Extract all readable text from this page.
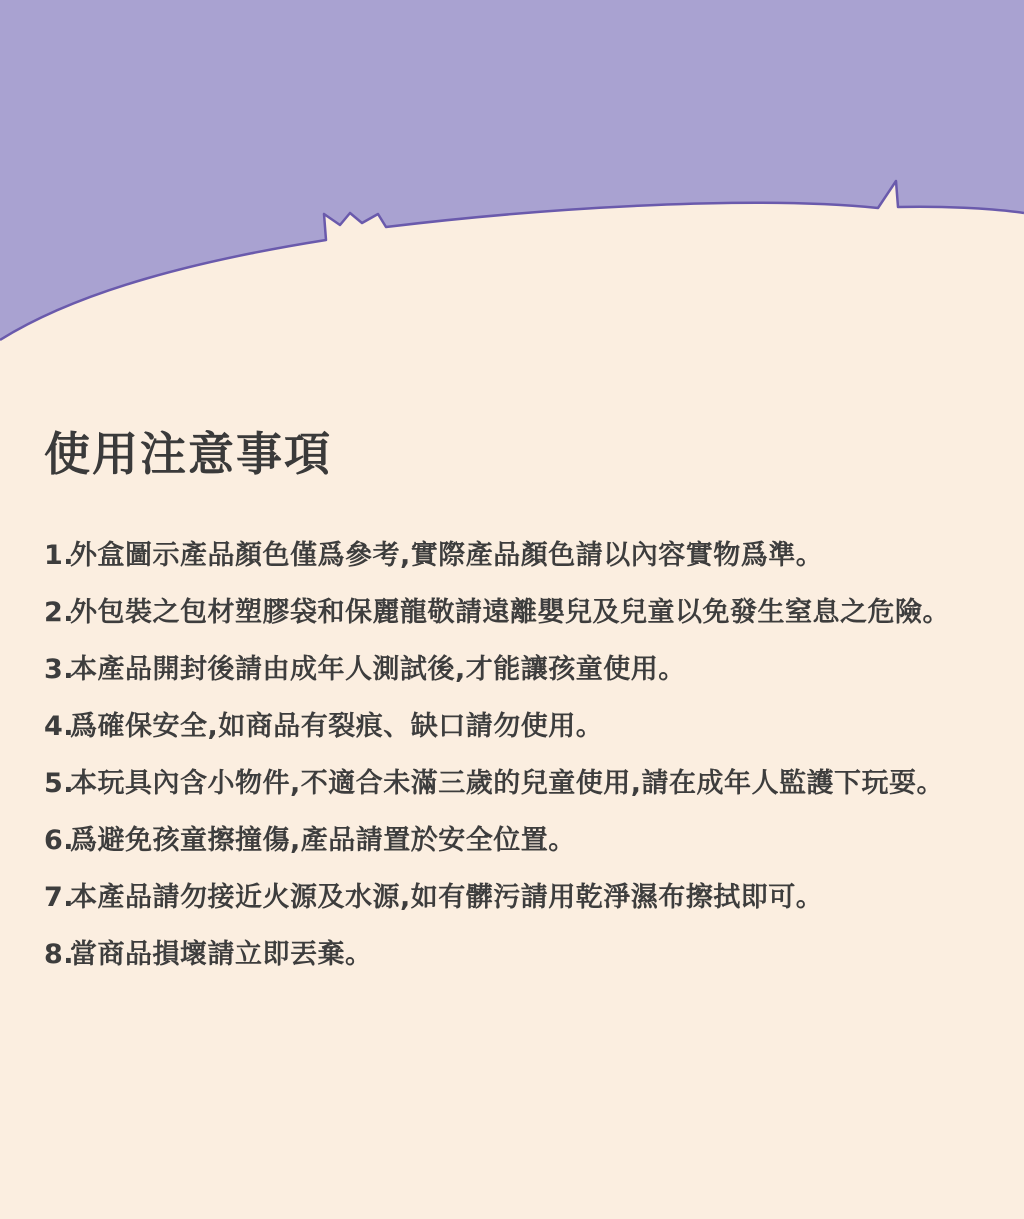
使用注意事項
1.
外盒圖示產品顏色僅爲參考,實際產品顏色請以內容實物爲準。
2.
外包裝之包材塑膠袋和保麗龍敬請遠離嬰兒及兒童以免發生窒息之危險。
3.
本產品開封後請由成年人測試後,才能讓孩童使用。
4.
爲確保安全,如商品有裂痕、缺口請勿使用。
5.
本玩具內含小物件,不適合未滿三歲的兒童使用,請在成年人監護下玩耍。
6.
爲避免孩童擦撞傷,產品請置於安全位置。
7.
本產品請勿接近火源及水源,如有髒污請用乾淨濕布擦拭即可。
8.
當商品損壞請立即丟棄。
